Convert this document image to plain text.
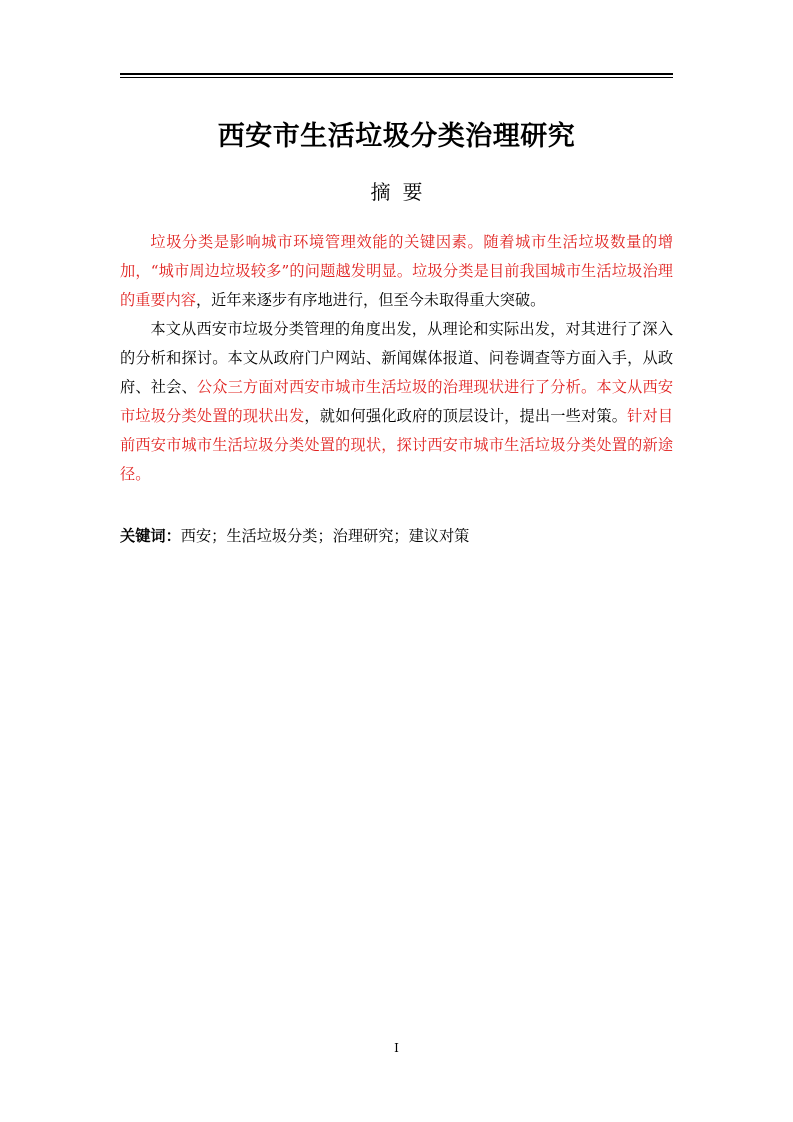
西安市生活垃圾分类治理研究
摘要

垃圾分类是影响城市环境管理效能的关键因素。随着城市生活垃圾数量的增加，“城市周边垃圾较多”的问题越发明显。垃圾分类是目前我国城市生活垃圾治理的重要内容，近年来逐步有序地进行，但至今未取得重大突破。

本文从西安市垃圾分类管理的角度出发，从理论和实际出发，对其进行了深入的分析和探讨。本文从政府门户网站、新闻媒体报道、问卷调查等方面入手，从政府、社会、公众三方面对西安市城市生活垃圾的治理现状进行了分析。本文从西安市垃圾分类处置的现状出发，就如何强化政府的顶层设计，提出一些对策。针对目前西安市城市生活垃圾分类处置的现状，探讨西安市城市生活垃圾分类处置的新途径。

关键词：西安；生活垃圾分类；治理研究；建议对策

I
